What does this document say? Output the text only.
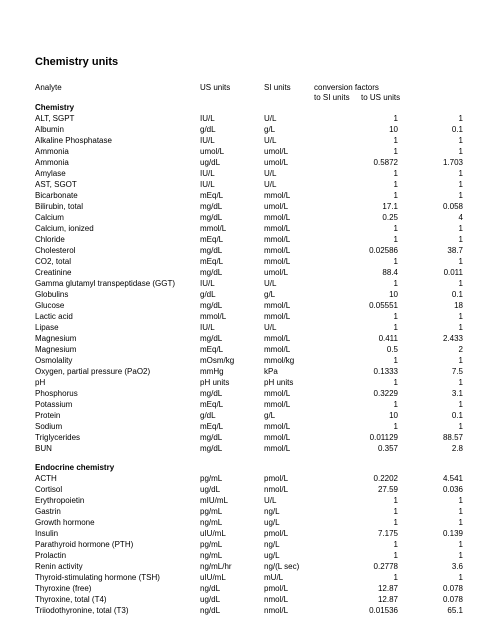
Chemistry units
Analyte	US units	SI units	conversion factors
to SI units to US units
Chemistry
ALT, SGPT	IU/L	U/L	1	1
Albumin	g/dL	g/L	10	0.1
Alkaline Phosphatase	IU/L	U/L	1	1
Ammonia	umol/L	umol/L	1	1
Ammonia	ug/dL	umol/L	0.5872	1.703
Amylase	IU/L	U/L	1	1
AST, SGOT	IU/L	U/L	1	1
Bicarbonate	mEq/L	mmol/L	1	1
Bilirubin, total	mg/dL	umol/L	17.1	0.058
Calcium	mg/dL	mmol/L	0.25	4
Calcium, ionized	mmol/L	mmol/L	1	1
Chloride	mEq/L	mmol/L	1	1
Cholesterol	mg/dL	mmol/L	0.02586	38.7
CO2, total	mEq/L	mmol/L	1	1
Creatinine	mg/dL	umol/L	88.4	0.011
Gamma glutamyl transpeptidase (GGT)	IU/L	U/L	1	1
Globulins	g/dL	g/L	10	0.1
Glucose	mg/dL	mmol/L	0.05551	18
Lactic acid	mmol/L	mmol/L	1	1
Lipase	IU/L	U/L	1	1
Magnesium	mg/dL	mmol/L	0.411	2.433
Magnesium	mEq/L	mmol/L	0.5	2
Osmolality	mOsm/kg	mmol/kg	1	1
Oxygen, partial pressure (PaO2)	mmHg	kPa	0.1333	7.5
pH	pH units	pH units	1	1
Phosphorus	mg/dL	mmol/L	0.3229	3.1
Potassium	mEq/L	mmol/L	1	1
Protein	g/dL	g/L	10	0.1
Sodium	mEq/L	mmol/L	1	1
Triglycerides	mg/dL	mmol/L	0.01129	88.57
BUN	mg/dL	mmol/L	0.357	2.8
Endocrine chemistry
ACTH	pg/mL	pmol/L	0.2202	4.541
Cortisol	ug/dL	nmol/L	27.59	0.036
Erythropoietin	mIU/mL	U/L	1	1
Gastrin	pg/mL	ng/L	1	1
Growth hormone	ng/mL	ug/L	1	1
Insulin	uIU/mL	pmol/L	7.175	0.139
Parathyroid hormone (PTH)	pg/mL	ng/L	1	1
Prolactin	ng/mL	ug/L	1	1
Renin activity	ng/mL/hr	ng/(L sec)	0.2778	3.6
Thyroid-stimulating hormone (TSH)	uIU/mL	mU/L	1	1
Thyroxine (free)	ng/dL	pmol/L	12.87	0.078
Thyroxine, total (T4)	ug/dL	nmol/L	12.87	0.078
Triiodothyronine, total (T3)	ng/dL	nmol/L	0.01536	65.1
